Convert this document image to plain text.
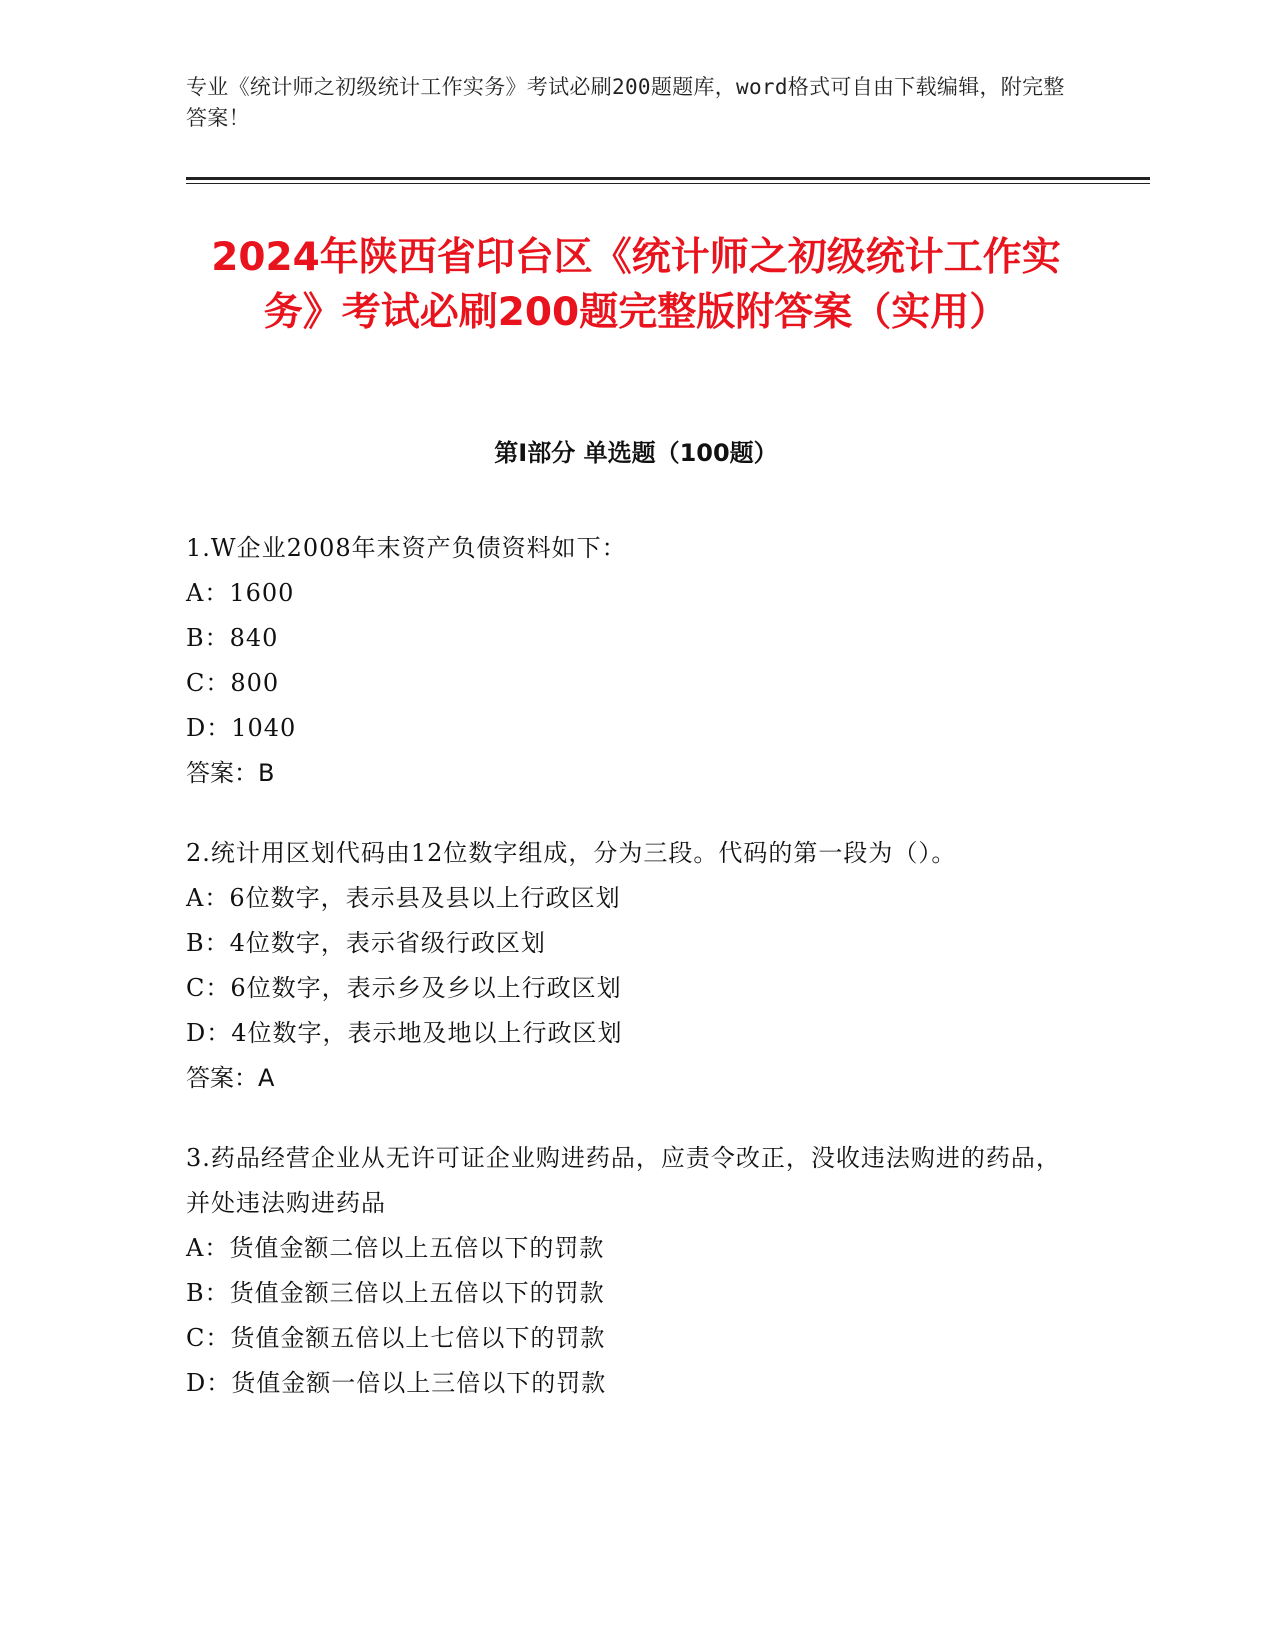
专业《统计师之初级统计工作实务》考试必刷200题题库，word格式可自由下载编辑，附完整答案！
2024年陕西省印台区《统计师之初级统计工作实务》考试必刷200题完整版附答案（实用）
第I部分 单选题（100题）
1.W企业2008年末资产负债资料如下：
A：1600
B：840
C：800
D：1040
答案：B
2.统计用区划代码由12位数字组成，分为三段。代码的第一段为（）。
A：6位数字，表示县及县以上行政区划
B：4位数字，表示省级行政区划
C：6位数字，表示乡及乡以上行政区划
D：4位数字，表示地及地以上行政区划
答案：A
3.药品经营企业从无许可证企业购进药品，应责令改正，没收违法购进的药品，并处违法购进药品
A：货值金额二倍以上五倍以下的罚款
B：货值金额三倍以上五倍以下的罚款
C：货值金额五倍以上七倍以下的罚款
D：货值金额一倍以上三倍以下的罚款
